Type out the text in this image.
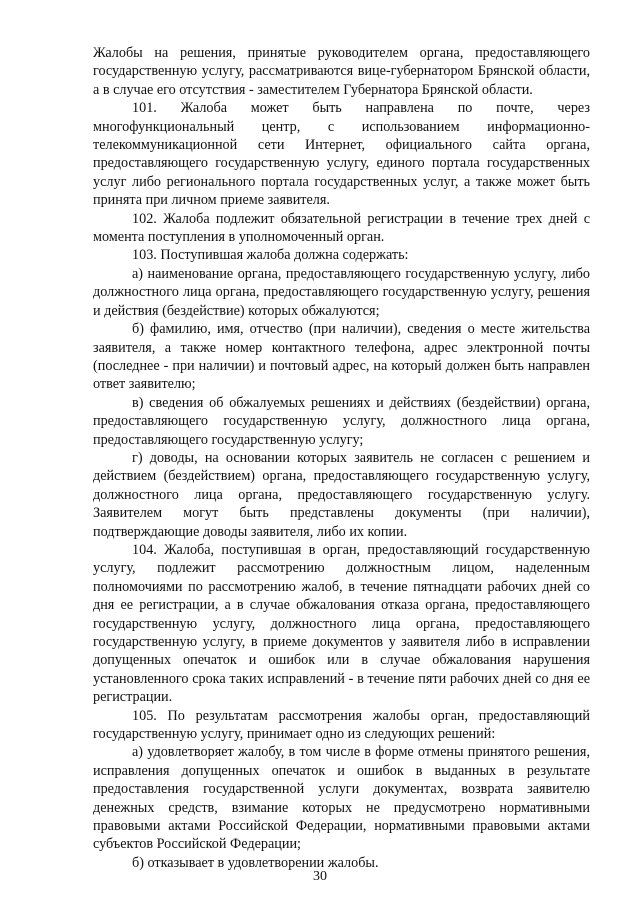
Жалобы на решения, принятые руководителем органа, предоставляющего государственную услугу, рассматриваются вице-губернатором Брянской области, а в случае его отсутствия - заместителем Губернатора Брянской области.

101. Жалоба может быть направлена по почте, через многофункциональный центр, с использованием информационно-телекоммуникационной сети Интернет, официального сайта органа, предоставляющего государственную услугу, единого портала государственных услуг либо регионального портала государственных услуг, а также может быть принята при личном приеме заявителя.

102. Жалоба подлежит обязательной регистрации в течение трех дней с момента поступления в уполномоченный орган.

103. Поступившая жалоба должна содержать:

а) наименование органа, предоставляющего государственную услугу, либо должностного лица органа, предоставляющего государственную услугу, решения и действия (бездействие) которых обжалуются;

б) фамилию, имя, отчество (при наличии), сведения о месте жительства заявителя, а также номер контактного телефона, адрес электронной почты (последнее - при наличии) и почтовый адрес, на который должен быть направлен ответ заявителю;

в) сведения об обжалуемых решениях и действиях (бездействии) органа, предоставляющего государственную услугу, должностного лица органа, предоставляющего государственную услугу;

г) доводы, на основании которых заявитель не согласен с решением и действием (бездействием) органа, предоставляющего государственную услугу, должностного лица органа, предоставляющего государственную услугу. Заявителем могут быть представлены документы (при наличии), подтверждающие доводы заявителя, либо их копии.

104. Жалоба, поступившая в орган, предоставляющий государственную услугу, подлежит рассмотрению должностным лицом, наделенным полномочиями по рассмотрению жалоб, в течение пятнадцати рабочих дней со дня ее регистрации, а в случае обжалования отказа органа, предоставляющего государственную услугу, должностного лица органа, предоставляющего государственную услугу, в приеме документов у заявителя либо в исправлении допущенных опечаток и ошибок или в случае обжалования нарушения установленного срока таких исправлений - в течение пяти рабочих дней со дня ее регистрации.

105. По результатам рассмотрения жалобы орган, предоставляющий государственную услугу, принимает одно из следующих решений:

а) удовлетворяет жалобу, в том числе в форме отмены принятого решения, исправления допущенных опечаток и ошибок в выданных в результате предоставления государственной услуги документах, возврата заявителю денежных средств, взимание которых не предусмотрено нормативными правовыми актами Российской Федерации, нормативными правовыми актами субъектов Российской Федерации;

б) отказывает в удовлетворении жалобы.

30
